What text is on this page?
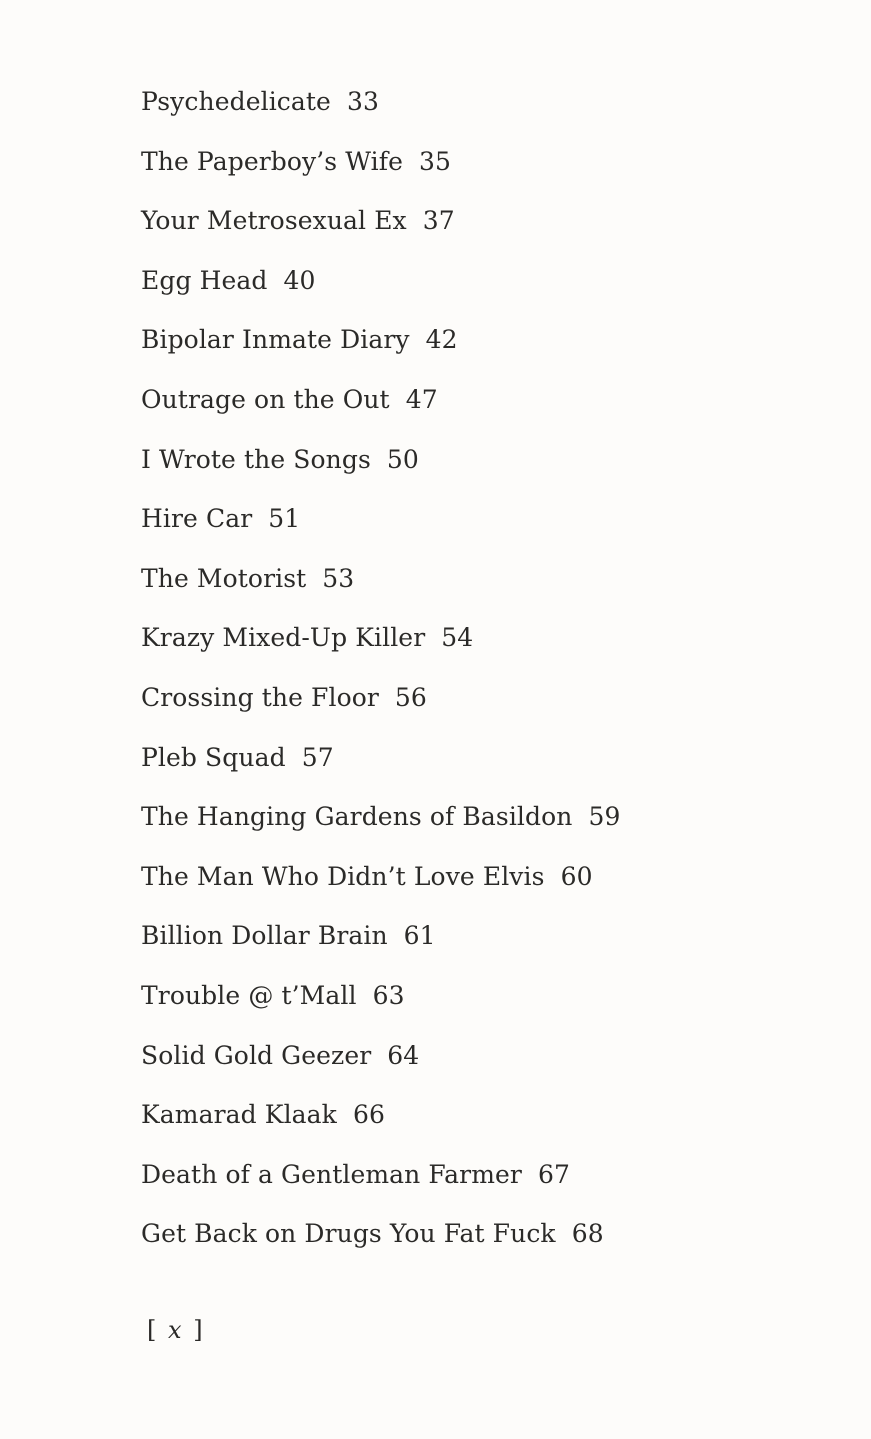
Psychedelicate 33
The Paperboy’s Wife 35
Your Metrosexual Ex 37
Egg Head 40
Bipolar Inmate Diary 42
Outrage on the Out 47
I Wrote the Songs 50
Hire Car 51
The Motorist 53
Krazy Mixed-Up Killer 54
Crossing the Floor 56
Pleb Squad 57
The Hanging Gardens of Basildon 59
The Man Who Didn’t Love Elvis 60
Billion Dollar Brain 61
Trouble @ t’Mall 63
Solid Gold Geezer 64
Kamarad Klaak 66
Death of a Gentleman Farmer 67
Get Back on Drugs You Fat Fuck 68
[ x ]
